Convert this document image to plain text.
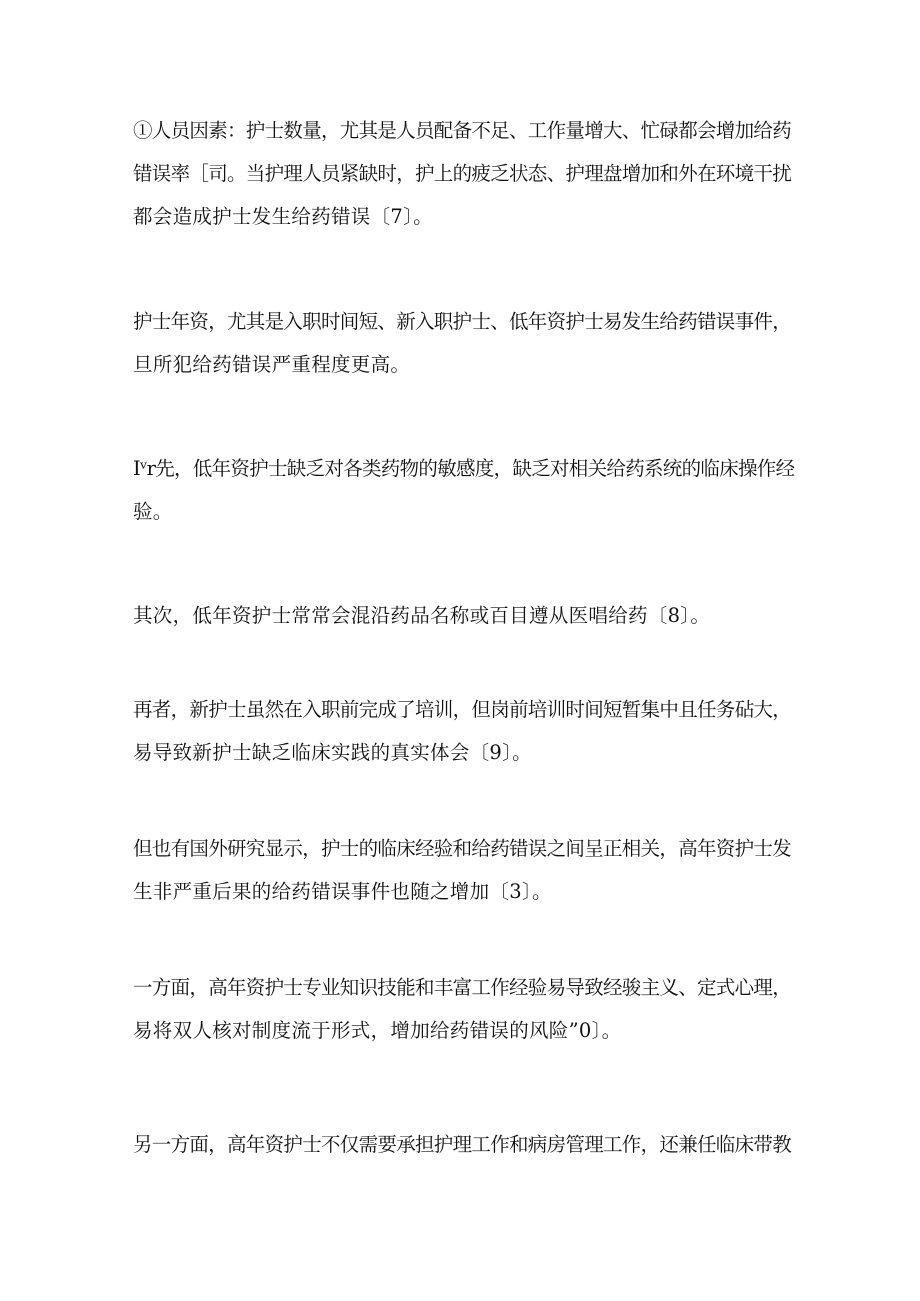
①人员因素：护士数量，尤其是人员配备不足、工作量增大、忙碌都会增加给药
错误率［司。当护理人员紧缺时，护上的疲乏状态、护理盘增加和外在环境干扰
都会造成护士发生给药错误〔7〕。

护士年资，尤其是入职时间短、新入职护士、低年资护士易发生给药错误事件，
旦所犯给药错误严重程度更高。

Iᵛr先，低年资护士缺乏对各类药物的敏感度，缺乏对相关给药系统的临床操作经
验。

其次，低年资护士常常会混沿药品名称或百目遵从医唱给药〔8〕。

再者，新护士虽然在入职前完成了培训，但岗前培训时间短暂集中且任务砧大，
易导致新护士缺乏临床实践的真实体会〔9〕。

但也有国外研究显示，护士的临床经验和给药错误之间呈正相关，高年资护士发
生非严重后果的给药错误事件也随之增加〔3〕。

一方面，高年资护士专业知识技能和丰富工作经验易导致经骏主义、定式心理，
易将双人核对制度流于形式，增加给药错误的风险”0〕。

另一方面，高年资护士不仅需要承担护理工作和病房管理工作，还兼任临床带教
